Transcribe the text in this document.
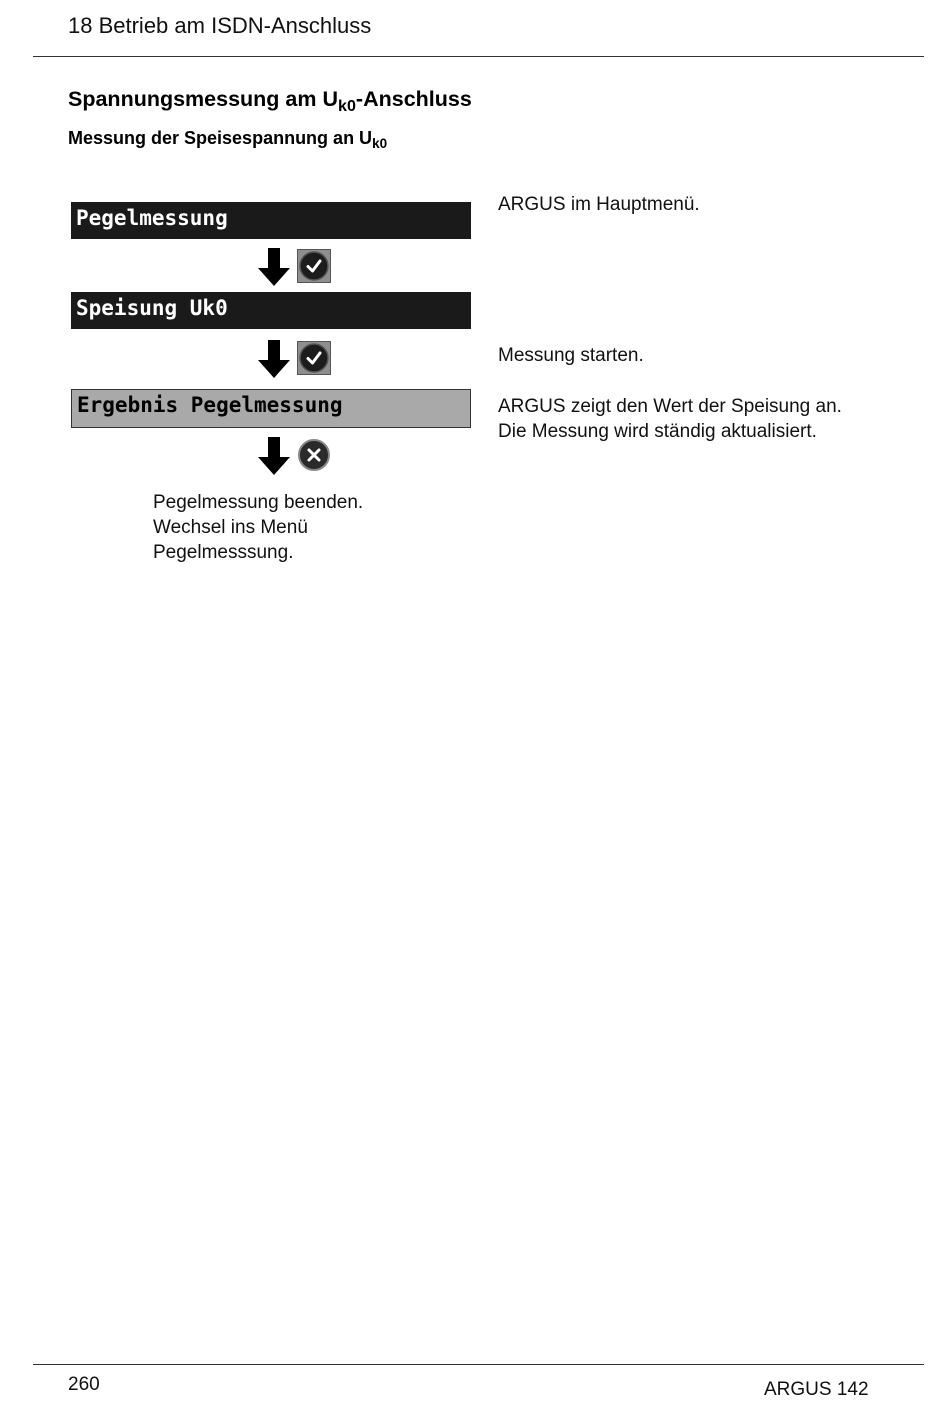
18 Betrieb am ISDN-Anschluss
Spannungsmessung am $U_{k0}$-Anschluss
Messung der Speisespannung an $U_{k0}$
Pegelmessung
Speisung Uk0
Ergebnis Pegelmessung
Pegelmessung beenden.
Wechsel ins Menü
Pegelmesssung.
ARGUS im Hauptmenü.
Messung starten.
ARGUS zeigt den Wert der Speisung an.
Die Messung wird ständig aktualisiert.
260	ARGUS 142
